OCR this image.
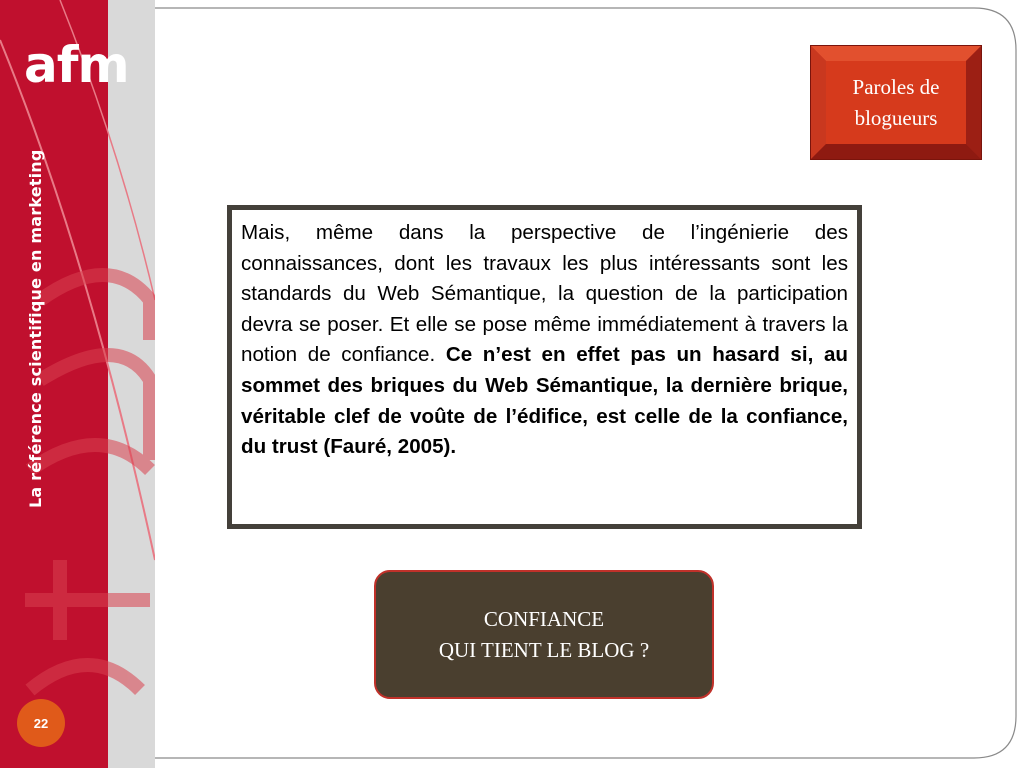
afm
La référence scientifique en marketing
22
Paroles de
blogueurs

Mais, même dans la perspective de l’ingénierie des connaissances, dont les travaux les plus intéressants sont les standards du Web Sémantique, la question de la participation devra se poser. Et elle se pose même immédiatement à travers la notion de confiance. Ce n’est en effet pas un hasard si, au sommet des briques du Web Sémantique, la dernière brique, véritable clef de voûte de l’édifice, est celle de la confiance, du trust (Fauré, 2005).

CONFIANCE
QUI TIENT LE BLOG ?
